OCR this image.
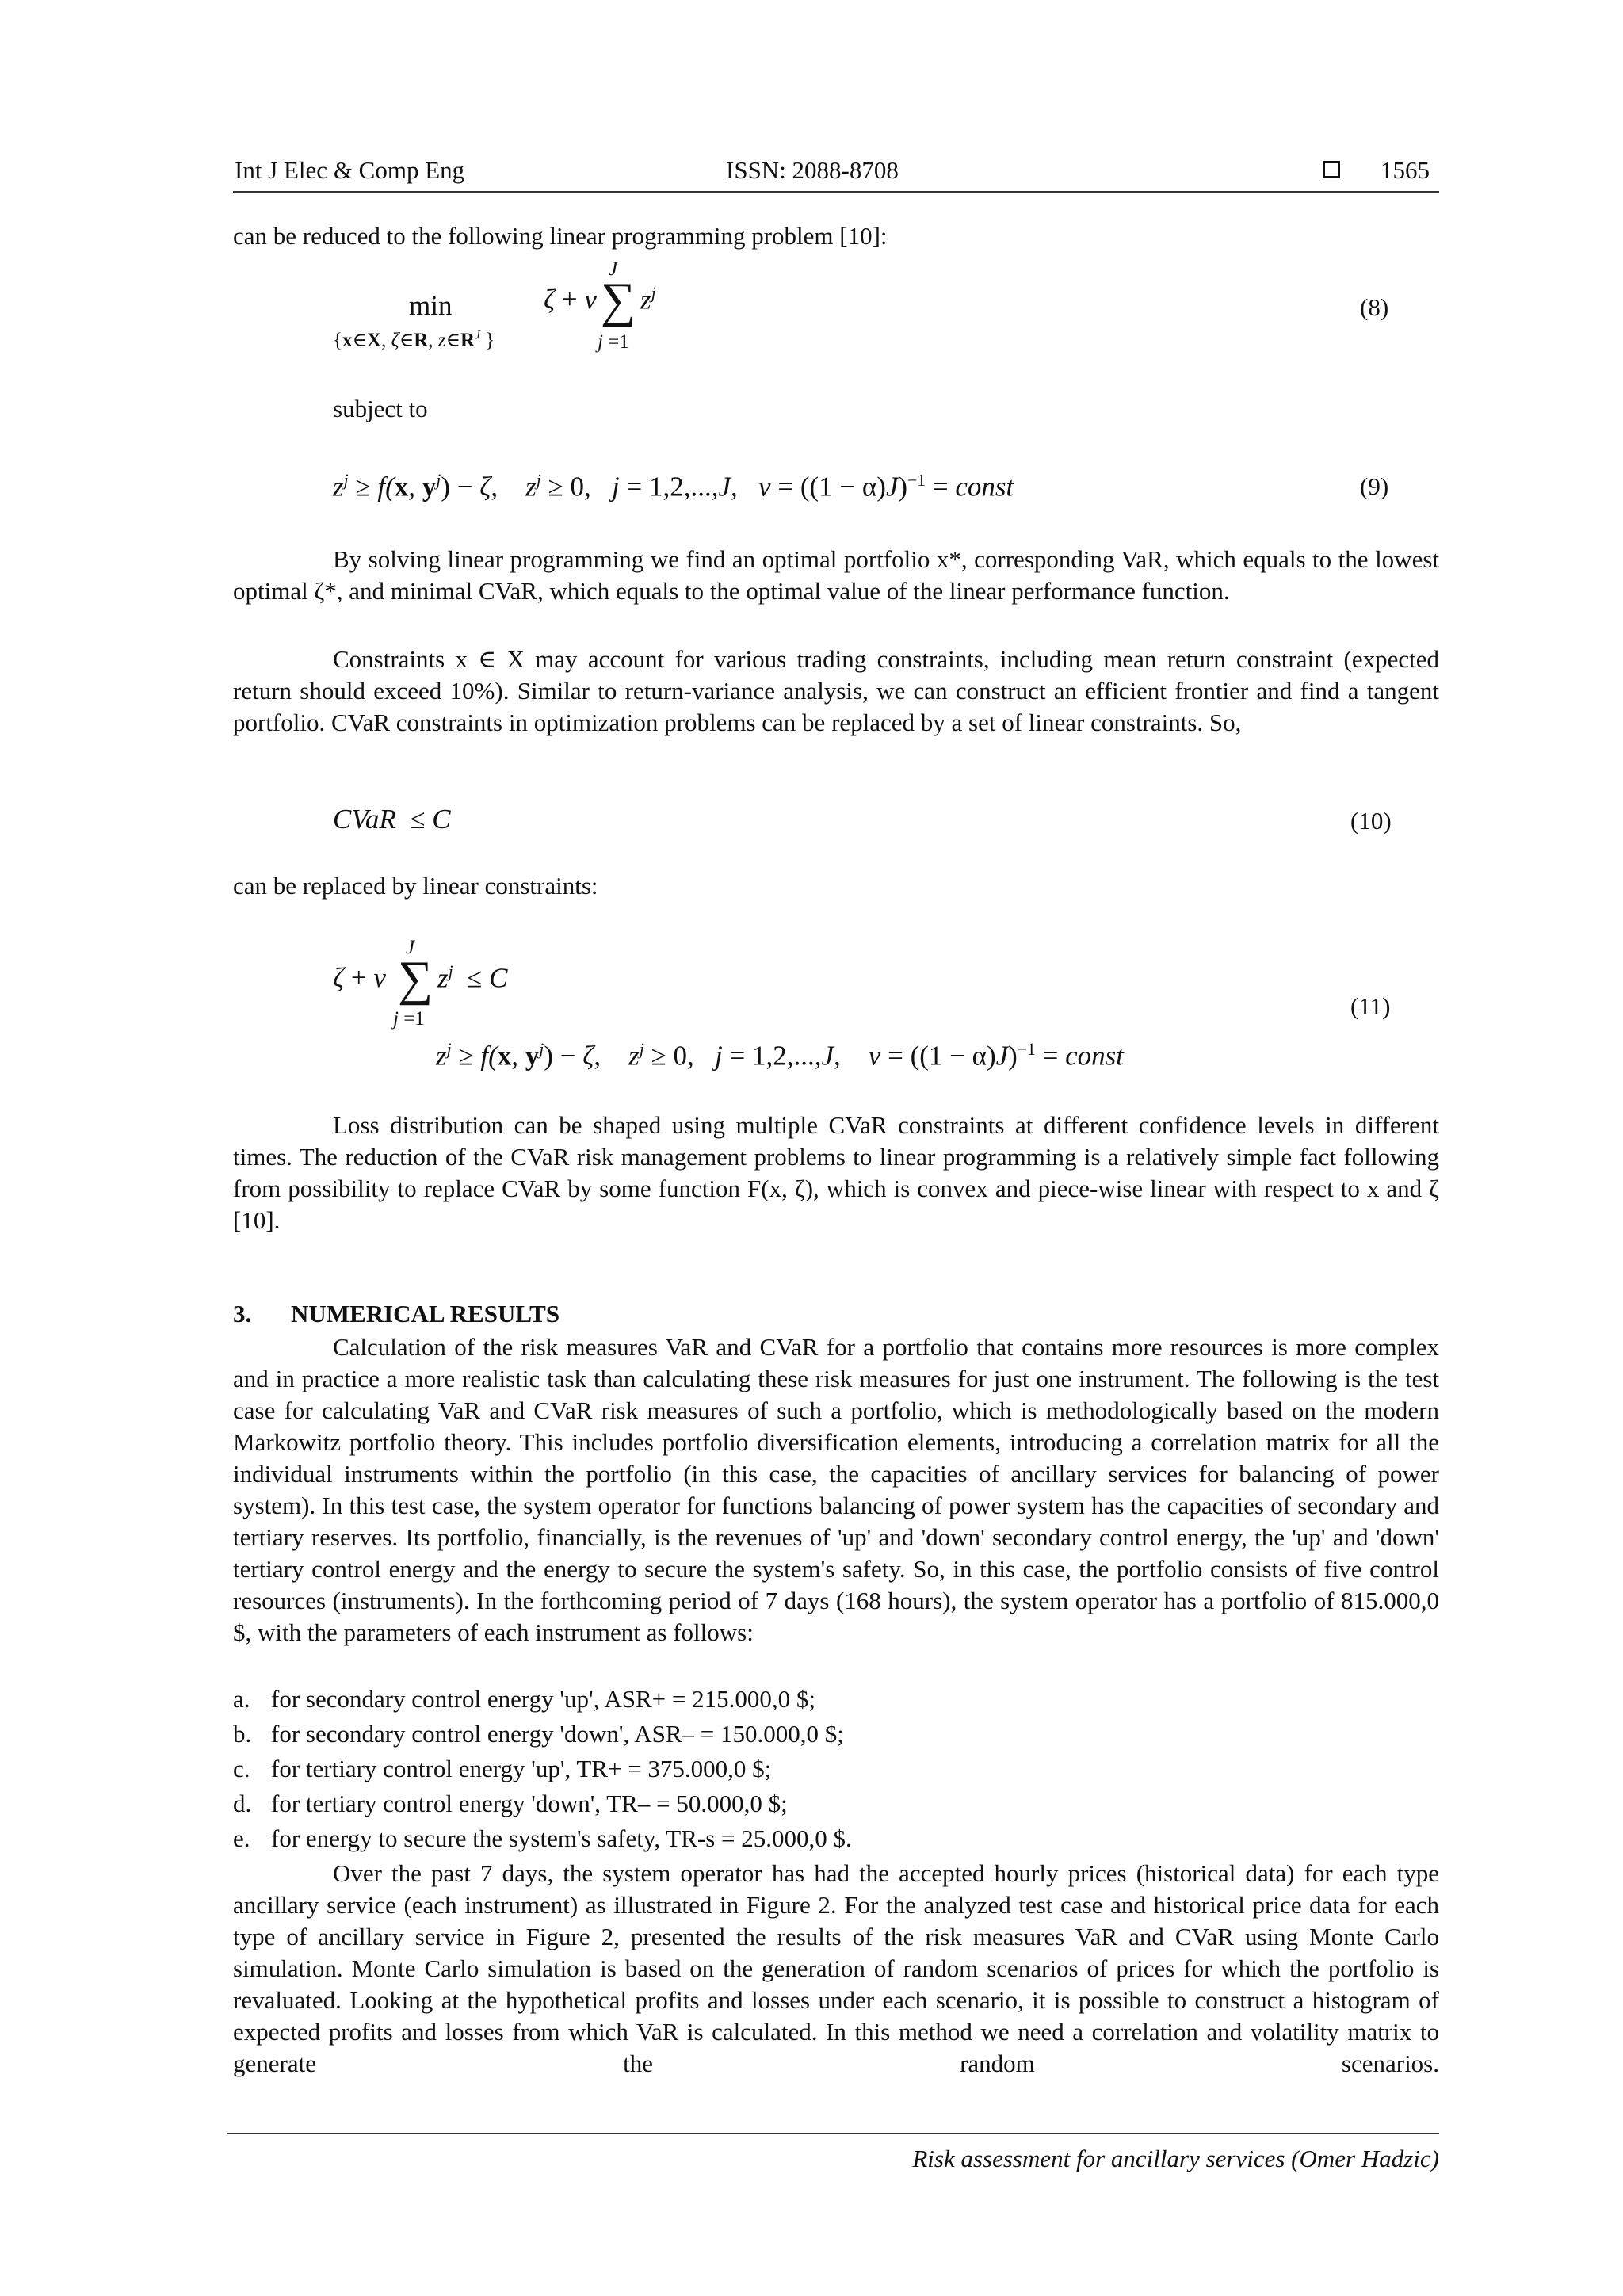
Int J Elec & Comp Eng	ISSN: 2088-8708	1565
can be reduced to the following linear programming problem [10]:
min
{x∈X, ζ∈R, $z\in R^J$ }
ζ + v
J
∑ $z^j$
j =1
(8)
subject to
$z^j \ge f(x$, $y^j) - \zeta$,    $z^j \ge 0$,   j = 1,2,...,J,   $v = ((1 - \alpha)J)^{-1}$ = const	(9)
By solving linear programming we find an optimal portfolio x*, corresponding VaR, which equals to the lowest optimal ζ*, and minimal CVaR, which equals to the optimal value of the linear performance function.
Constraints x ∈ X may account for various trading constraints, including mean return constraint (expected return should exceed 10%). Similar to return-variance analysis, we can construct an efficient frontier and find a tangent portfolio. CVaR constraints in optimization problems can be replaced by a set of linear constraints. So,
CVaR  ≤ C	(10)
can be replaced by linear constraints:
J
ζ + v ∑ $z^j \le C$
j =1
$z^j \ge f(x$, $y^j) - \zeta$,    $z^j \ge 0$,   j = 1,2,...,J,    $v = ((1 - \alpha)J)^{-1}$ = const
(11)
Loss distribution can be shaped using multiple CVaR constraints at different confidence levels in different times. The reduction of the CVaR risk management problems to linear programming is a relatively simple fact following from possibility to replace CVaR by some function F(x, ζ), which is convex and piece-wise linear with respect to x and ζ [10].
3. NUMERICAL RESULTS
Calculation of the risk measures VaR and CVaR for a portfolio that contains more resources is more complex and in practice a more realistic task than calculating these risk measures for just one instrument. The following is the test case for calculating VaR and CVaR risk measures of such a portfolio, which is methodologically based on the modern Markowitz portfolio theory. This includes portfolio diversification elements, introducing a correlation matrix for all the individual instruments within the portfolio (in this case, the capacities of ancillary services for balancing of power system). In this test case, the system operator for functions balancing of power system has the capacities of secondary and tertiary reserves. Its portfolio, financially, is the revenues of 'up' and 'down' secondary control energy, the 'up' and 'down' tertiary control energy and the energy to secure the system's safety. So, in this case, the portfolio consists of five control resources (instruments). In the forthcoming period of 7 days (168 hours), the system operator has a portfolio of 815.000,0 $, with the parameters of each instrument as follows:
a. for secondary control energy 'up', ASR+ = 215.000,0 $;
b. for secondary control energy 'down', ASR– = 150.000,0 $;
c. for tertiary control energy 'up', TR+ = 375.000,0 $;
d. for tertiary control energy 'down', TR– = 50.000,0 $;
e. for energy to secure the system's safety, TR-s = 25.000,0 $.
Over the past 7 days, the system operator has had the accepted hourly prices (historical data) for each type ancillary service (each instrument) as illustrated in Figure 2. For the analyzed test case and historical price data for each type of ancillary service in Figure 2, presented the results of the risk measures VaR and CVaR using Monte Carlo simulation. Monte Carlo simulation is based on the generation of random scenarios of prices for which the portfolio is revaluated. Looking at the hypothetical profits and losses under each scenario, it is possible to construct a histogram of expected profits and losses from which VaR is calculated. In this method we need a correlation and volatility matrix to generate the random scenarios.
Risk assessment for ancillary services (Omer Hadzic)
